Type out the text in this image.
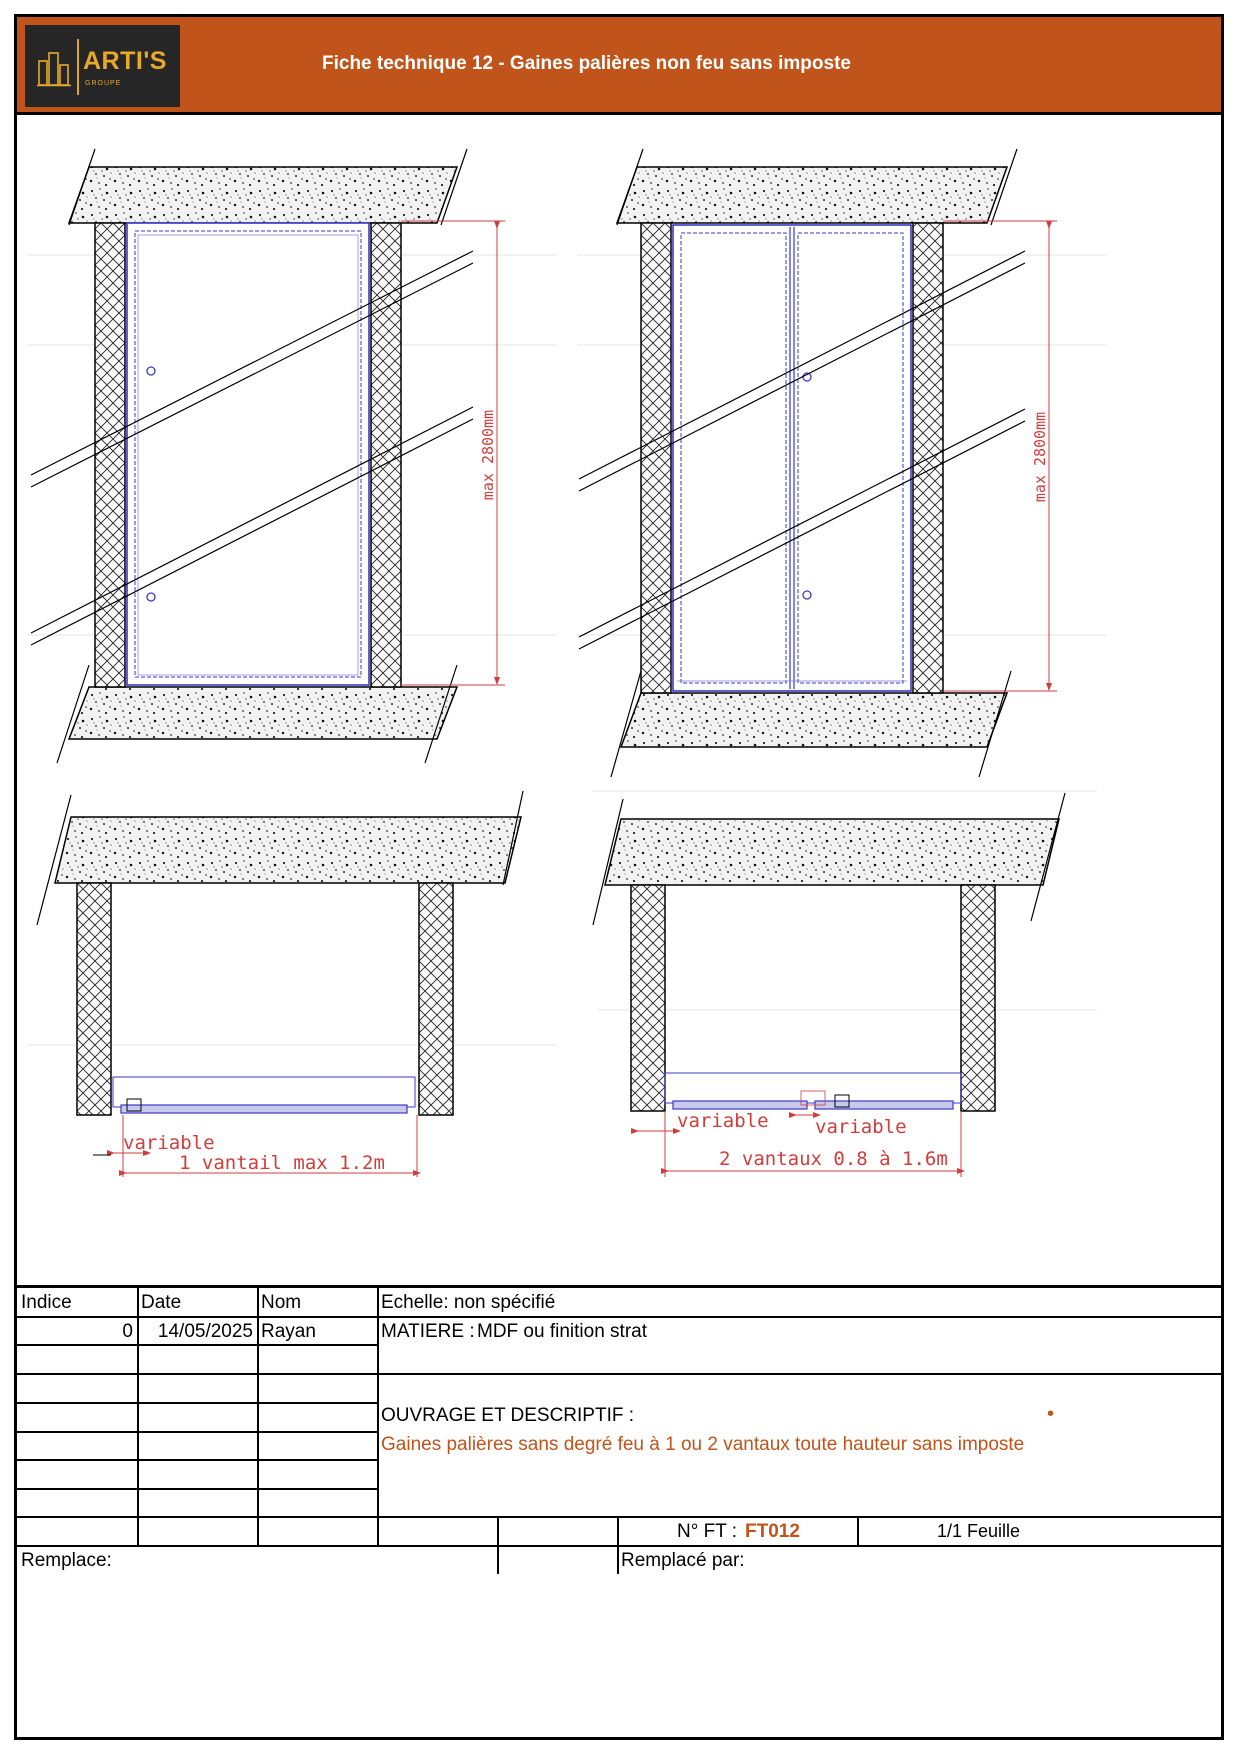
ARTI'S
GROUPE
Fiche technique 12 - Gaines palières non feu sans imposte
max 2800mm	max 2800mm
variable
1 vantail max 1.2m
variable variable
2 vantaux 0.8 à 1.6m
Indice	Date	Nom	Echelle: non spécifié
0	14/05/2025 Rayan	MATIERE : MDF ou finition strat
OUVRAGE ET DESCRIPTIF :	•
Gaines palières sans degré feu à 1 ou 2 vantaux toute hauteur sans imposte
N° FT : FT012	1/1 Feuille
Remplace:	Remplacé par:
